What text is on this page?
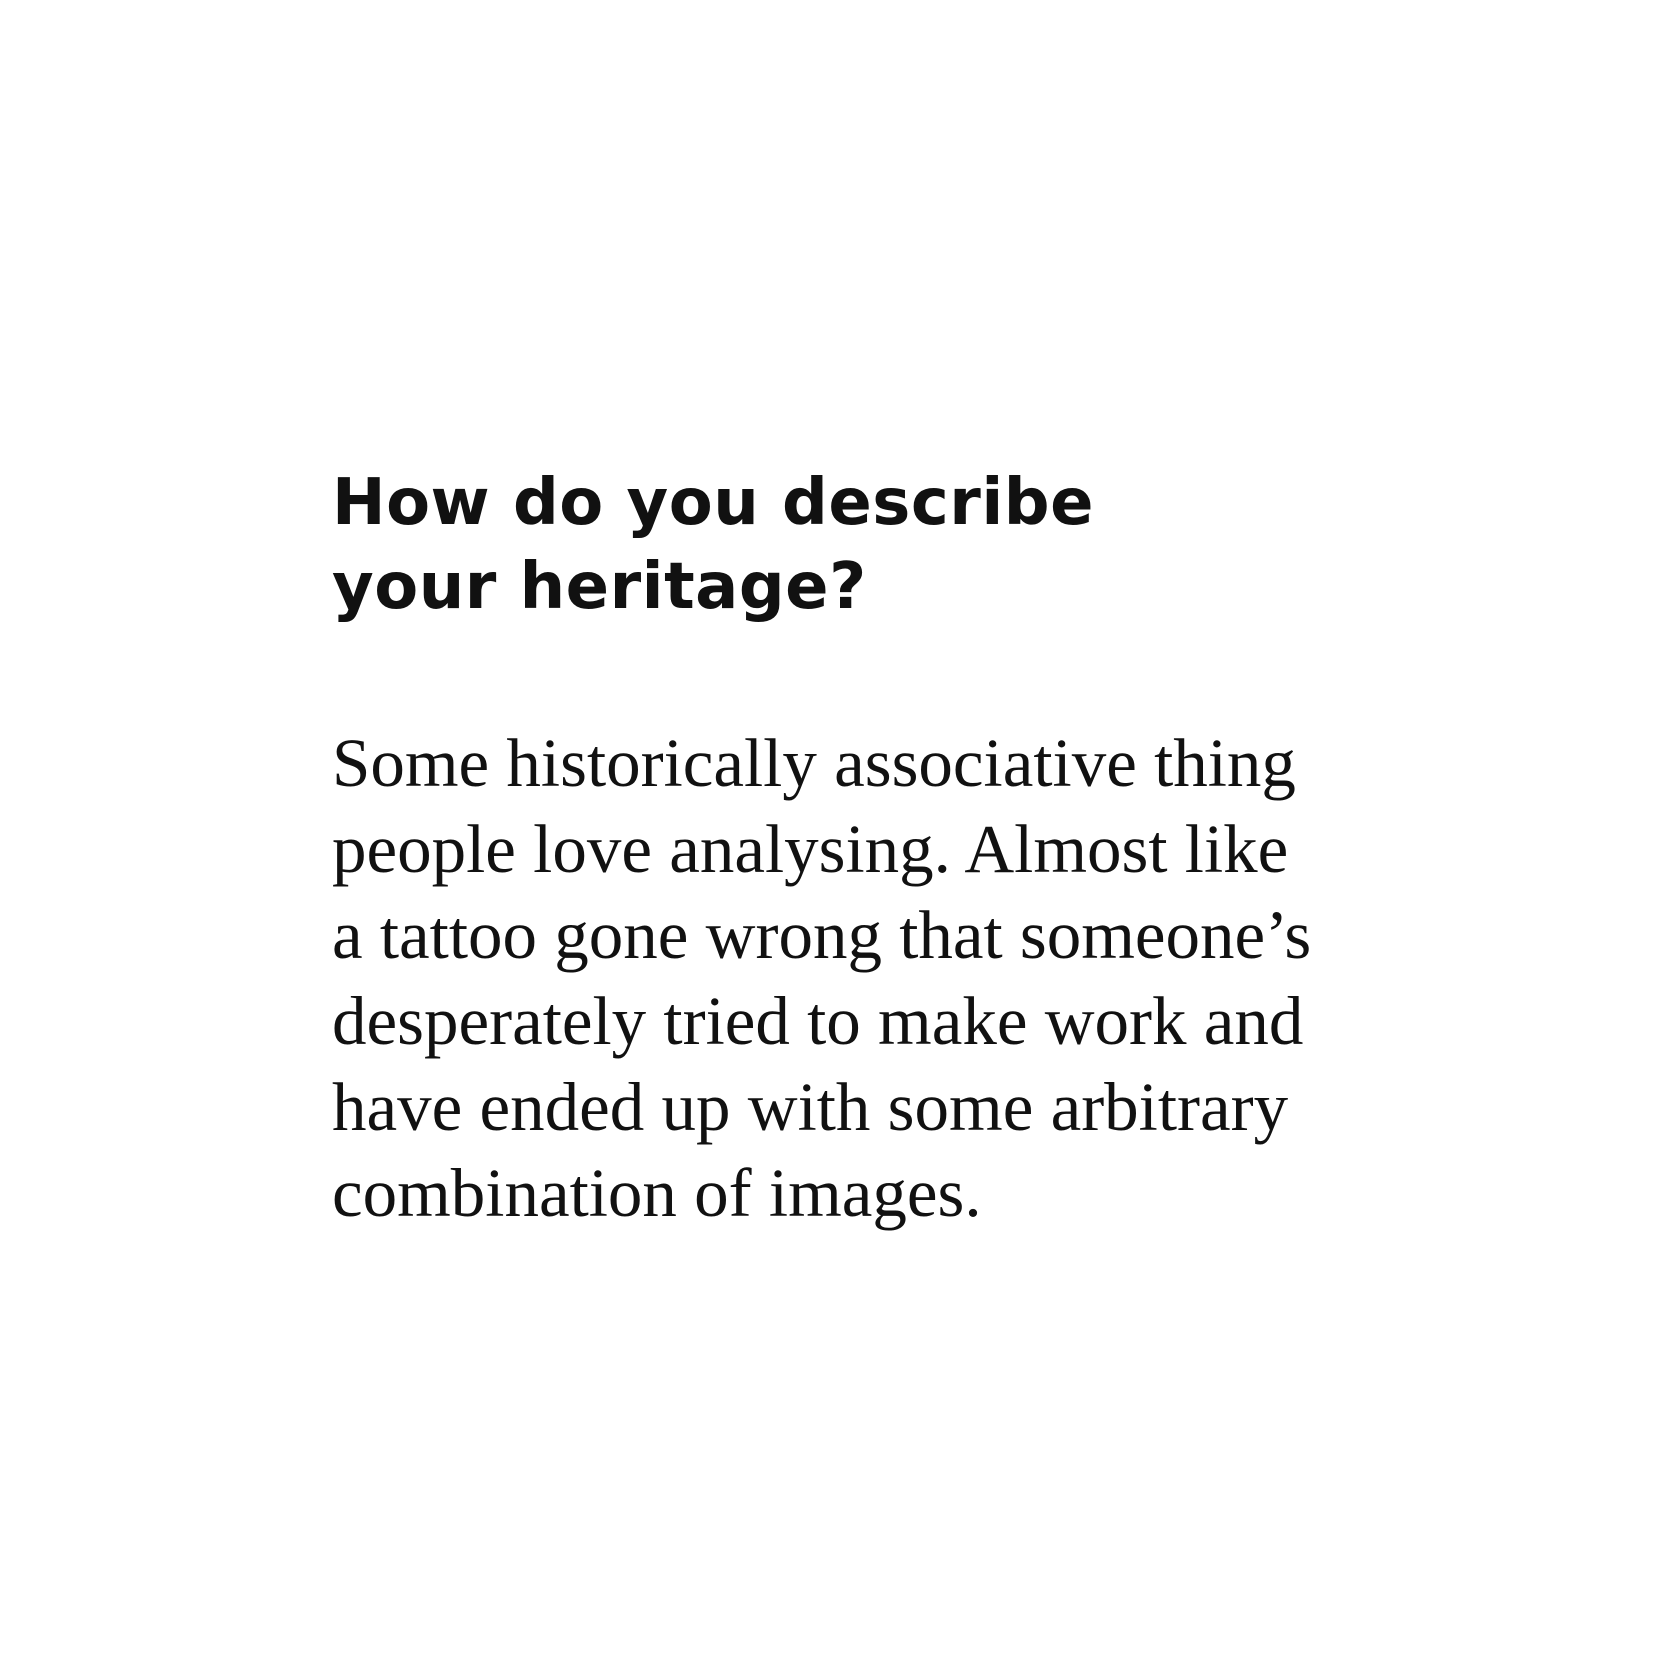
How do you describe
your heritage?

Some historically associative thing
people love analysing. Almost like
a tattoo gone wrong that someone’s
desperately tried to make work and
have ended up with some arbitrary
combination of images.
